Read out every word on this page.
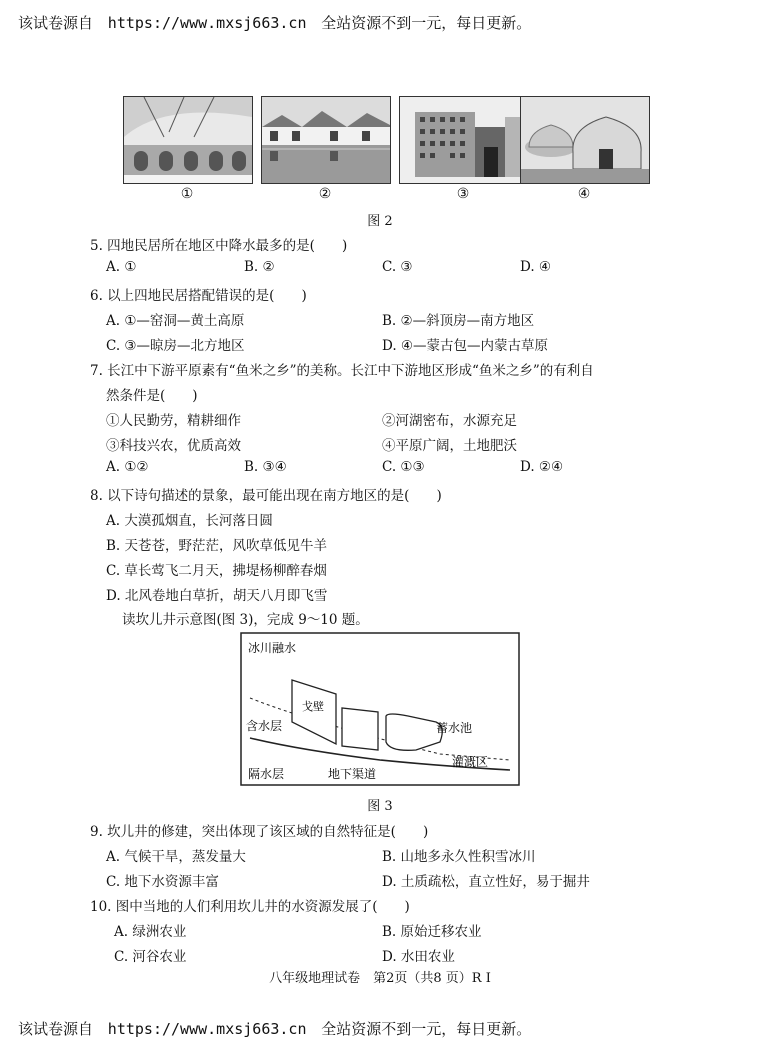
该试卷源自 https://www.mxsj663.cn 全站资源不到一元，每日更新。
①	②	③	④
图 2
5. 四地民居所在地区中降水最多的是(　　)
A. ①	B. ②	C. ③	D. ④
6. 以上四地民居搭配错误的是(　　)
A. ①—窑洞—黄土高原	B. ②—斜顶房—南方地区
C. ③—晾房—北方地区	D. ④—蒙古包—内蒙古草原
7. 长江中下游平原素有“鱼米之乡”的美称。长江中下游地区形成“鱼米之乡”的有利自
然条件是(　　)
①人民勤劳，精耕细作	②河湖密布，水源充足
③科技兴农，优质高效	④平原广阔，土地肥沃
A. ①②	B. ③④	C. ①③	D. ②④
8. 以下诗句描述的景象，最可能出现在南方地区的是(　　)
A. 大漠孤烟直，长河落日圆
B. 天苍苍，野茫茫，风吹草低见牛羊
C. 草长莺飞二月天，拂堤杨柳醉春烟
D. 北风卷地白草折，胡天八月即飞雪
读坎儿井示意图(图 3)，完成 9～10 题。
冰川融水
戈壁
含水层	蓄水池
灌溉区
隔水层	地下渠道
图 3
9. 坎儿井的修建，突出体现了该区域的自然特征是(　　)
A. 气候干旱，蒸发量大	B. 山地多永久性积雪冰川
C. 地下水资源丰富	D. 土质疏松，直立性好，易于掘井
10. 图中当地的人们利用坎儿井的水资源发展了(　　)
A. 绿洲农业	B. 原始迁移农业
C. 河谷农业	D. 水田农业
八年级地理试卷　第2页（共8 页）R I
该试卷源自 https://www.mxsj663.cn 全站资源不到一元，每日更新。
